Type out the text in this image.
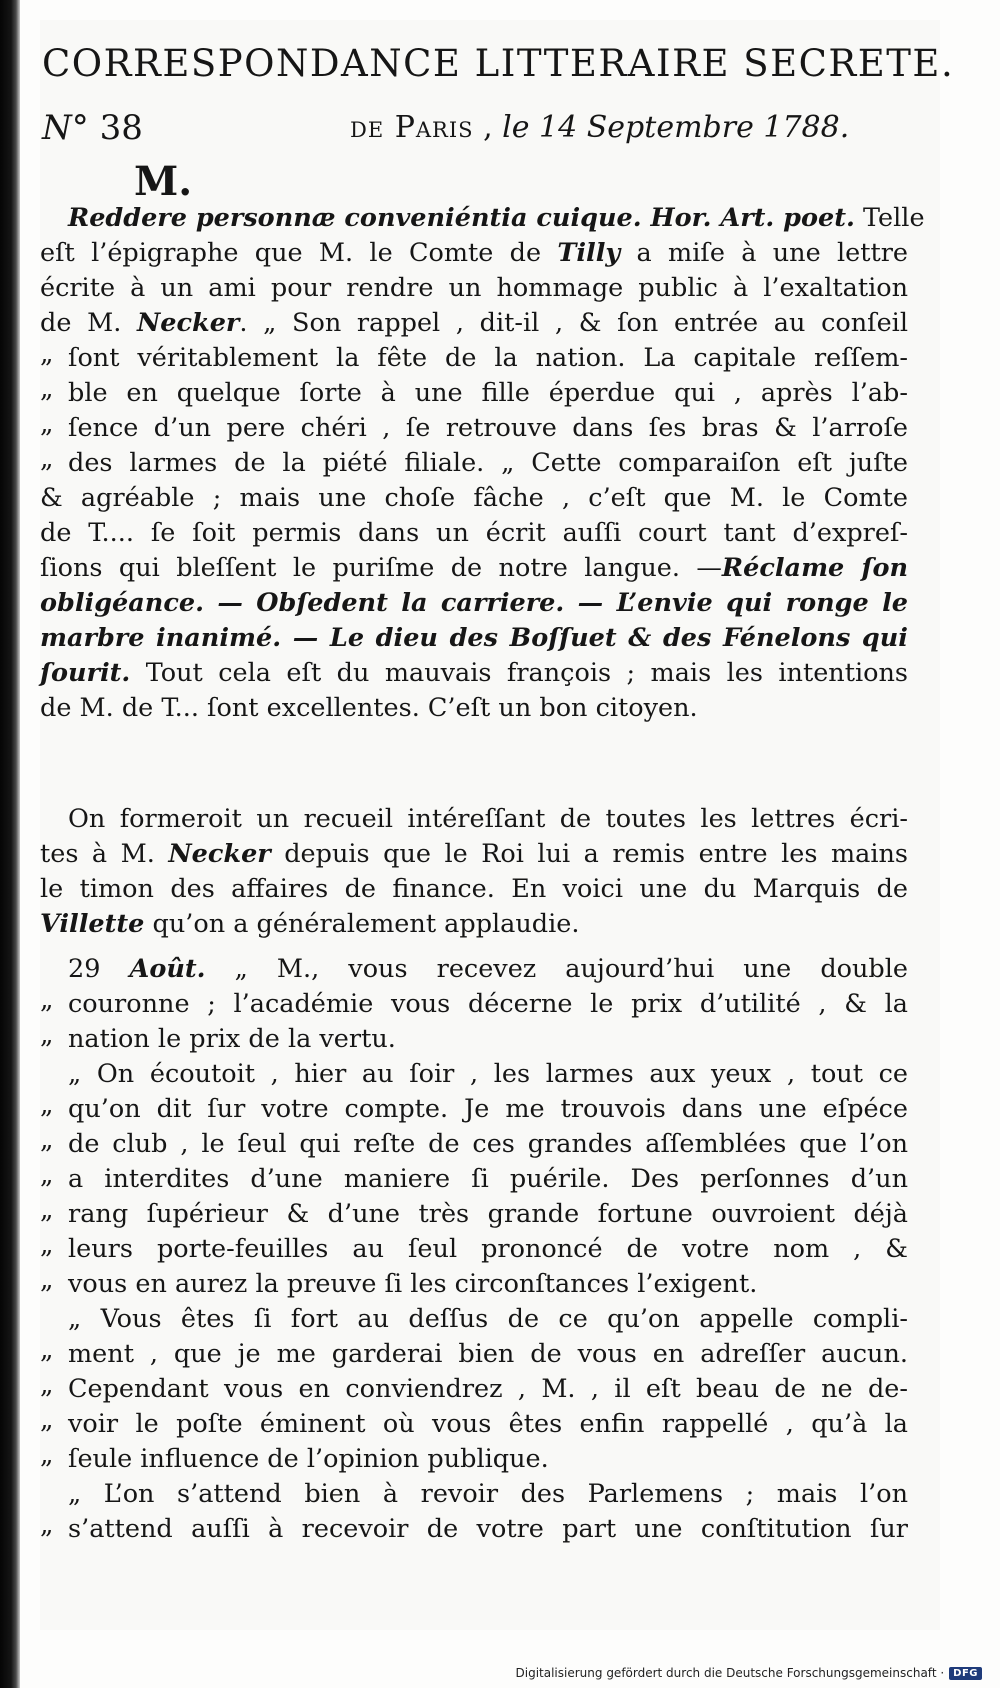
CORRESPONDANCE LITTERAIRE SECRETE.
N° 38	de Paris , le 14 Septembre 1788.
M.
Reddere personnæ conveniéntia cuique. Hor. Art. poet. Telle
eſt l’épigraphe que M. le Comte de Tilly a miſe à une lettre
écrite à un ami pour rendre un hommage public à l’exaltation
de M. Necker. „ Son rappel , dit-il , & ſon entrée au conſeil
„ ſont véritablement la fête de la nation. La capitale reſſem-
„ ble en quelque ſorte à une fille éperdue qui , après l’ab-
„ ſence d’un pere chéri , ſe retrouve dans ſes bras & l’arroſe
„ des larmes de la piété filiale. „ Cette comparaiſon eſt juſte
& agréable ; mais une choſe fâche , c’eſt que M. le Comte
de T.... ſe ſoit permis dans un écrit auſſi court tant d’expreſ-
ſions qui bleſſent le puriſme de notre langue. —Réclame ſon
obligéance. — Obſedent la carriere. — L’envie qui ronge le
marbre inanimé. — Le dieu des Boſſuet & des Fénelons qui
ſourit. Tout cela eſt du mauvais françois ; mais les intentions
de M. de T... ſont excellentes. C’eſt un bon citoyen.
On formeroit un recueil intéreſſant de toutes les lettres écri-
tes à M. Necker depuis que le Roi lui a remis entre les mains
le timon des affaires de finance. En voici une du Marquis de
Villette qu’on a généralement applaudie.
29 Août. „ M., vous recevez aujourd’hui une double
„ couronne ; l’académie vous décerne le prix d’utilité , & la
„ nation le prix de la vertu.
„ On écoutoit , hier au ſoir , les larmes aux yeux , tout ce
„ qu’on dit ſur votre compte. Je me trouvois dans une eſpéce
„ de club , le ſeul qui reſte de ces grandes aſſemblées que l’on
„ a interdites d’une maniere ſi puérile. Des perſonnes d’un
„ rang ſupérieur & d’une très grande fortune ouvroient déjà
„ leurs porte-feuilles au ſeul prononcé de votre nom , &
„ vous en aurez la preuve ſi les circonſtances l’exigent.
„ Vous êtes ſi fort au deſſus de ce qu’on appelle compli-
„ ment , que je me garderai bien de vous en adreſſer aucun.
„ Cependant vous en conviendrez , M. , il eſt beau de ne de-
„ voir le poſte éminent où vous êtes enfin rappellé , qu’à la
„ ſeule influence de l’opinion publique.
„ L’on s’attend bien à revoir des Parlemens ; mais l’on
„ s’attend auſſi à recevoir de votre part une conſtitution ſur
Digitalisierung gefördert durch die Deutsche Forschungsgemeinschaft · DFG
